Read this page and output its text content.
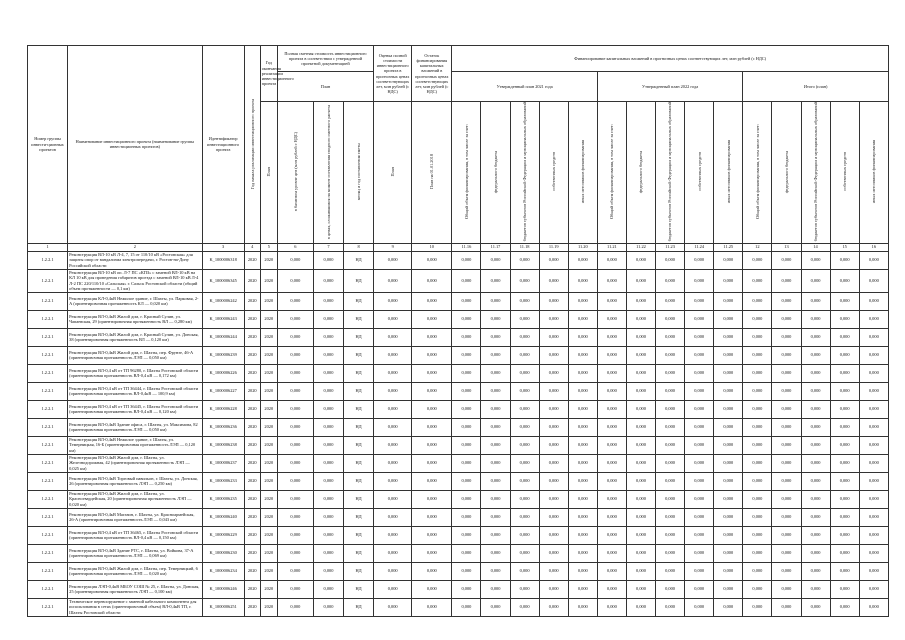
Номер группы инвести-ционных проектов	Наименование инвестиционного проекта (наименование группы инвестиционных проектов)	Идентификатор инвестиционного проекта	Год начала реализации инвестиционного проекта	Год окончания реализации инвестиционного проекта	Полная сметная стоимость инвестиционного проекта в соответствии с утвержденной проектной документацией			Оценка полной стоимости инвестиционного проекта в прогнозных ценах соответствующих лет, млн рублей (с НДС)	Остаток финансирования капитальных вложений в прогнозных ценах соответствующих лет, млн рублей (с НДС)	Финансирование капитальных вложений в прогнозных ценах соответствующих лет, млн рублей (с НДС)														
					План					Утвержденный план 2021 года					Утвержденный план 2022 года					Итого (план)				
				План	в базисном уровне цен (млн рублей с НДС)	в ценах, сложившихся на момент составления сводного сметного расчета	месяц и год составления сметы	План	План на 01.01.2018	Общий объем финансирования, в том числе за счет:	федерального бюджета	бюджетов субъектов Российской Федерации и муниципальных образований	собственных средств	иных источников финансирования	Общий объем финансирования, в том числе за счет:	федерального бюджета	бюджетов субъектов Российской Федерации и муниципальных образований	собственных средств	иных источников финансирования	Общий объем финансирования, в том числе за счет:	федерального бюджета	бюджетов субъектов Российской Федерации и муниципальных образований	собственных средств	иных источников финансирования
1	2	3	4	5	6	7	8	9	10	11.16	11.17	11.18	11.19	11.20	11.21	11.22	11.23	11.24	11.25	12	13	14	15	16
1.2.2.1	Реконструкция ВЛ-10 кВ Л-4, 7, 15 от 110/10 кВ «Ростовская» для защиты опор от вандализма электропередачи, г. Ростов-на-Дону Российской области	K_1000006318	2020	2020	0,000	0,000	НД	0,000	0,000	0,000	0,000	0,000	0,000	0,000	0,000	0,000	0,000	0,000	0,000	0,000	0,000	0,000	0,000	0,000
1.2.2.1	Реконструкция ВЛ-10 кВ оп. Л-7 ПС «КПЗ» с заменой ВЛ-10 кВ на КЛ 10 кВ для проведения габаритов проезда с заменой ВЛ-10 кВ Л-4 Л-2 ПС 220/110/10 «Сальская» г. Сальск Ростовской области (общий объем протяженности — 0,1 км)	K_1000006345	2020	2020	0,000	0,000	НД	0,000	0,000	0,000	0,000	0,000	0,000	0,000	0,000	0,000	0,000	0,000	0,000	0,000	0,000	0,000	0,000	0,000
1.2.2.1	Реконструкция КЛ-0,4кВ Нежилое здание, г. Шахты, ул. Парковая, 2-А (ориентировочная протяженность КЛ — 0,020 км)	K_1000006242	2020	2020	0,000	0,000	НД	0,000	0,000	0,000	0,000	0,000	0,000	0,000	0,000	0,000	0,000	0,000	0,000	0,000	0,000	0,000	0,000	0,000
1.2.2.1	Реконструкция ВЛ-0,4кВ Жилой дом, г. Красный Сулин, ул. Чапаевская, 29 (ориентировочная протяженность ВЛ — 0,280 км)	K_1000006243	2020	2020	0,000	0,000	НД	0,000	0,000	0,000	0,000	0,000	0,000	0,000	0,000	0,000	0,000	0,000	0,000	0,000	0,000	0,000	0,000	0,000
1.2.2.1	Реконструкция ВЛ-0,4кВ Жилой дом, г. Красный Сулин, ул. Донская, 38 (ориентировочная протяженность ВЛ — 0,120 км)	K_1000006244	2020	2020	0,000	0,000	НД	0,000	0,000	0,000	0,000	0,000	0,000	0,000	0,000	0,000	0,000	0,000	0,000	0,000	0,000	0,000	0,000	0,000
1.2.2.1	Реконструкция ВЛ-0,4кВ Жилой дом, г. Шахты, пер. Фрунзе, 46-А (ориентировочная протяженность ЛЭП — 0,050 км)	K_1000006239	2020	2020	0,000	0,000	НД	0,000	0,000	0,000	0,000	0,000	0,000	0,000	0,000	0,000	0,000	0,000	0,000	0,000	0,000	0,000	0,000	0,000
1.2.2.1	Реконструкция ВЛ-0,4 кВ от ТП 96280, г. Шахты Ростовской области (ориентировочная протяженность ВЛ-0,4 кВ — 0,172 км)	K_1000006226	2020	2020	0,000	0,000	НД	0,000	0,000	0,000	0,000	0,000	0,000	0,000	0,000	0,000	0,000	0,000	0,000	0,000	0,000	0,000	0,000	0,000
1.2.2.1	Реконструкция ВЛ-0,4 кВ от ТП 36444, г. Шахты Ростовской области (ориентировочная протяженность ВЛ-0,4кВ — 100,9 км)	K_1000006227	2020	2020	0,000	0,000	НД	0,000	0,000	0,000	0,000	0,000	0,000	0,000	0,000	0,000	0,000	0,000	0,000	0,000	0,000	0,000	0,000	0,000
1.2.2.1	Реконструкция ВЛ-0,4 кВ от ТП 36445, г. Шахты Ростовской области (ориентировочная протяженность ВЛ-0,4 кВ — 0,120 км)	K_1000006228	2020	2020	0,000	0,000	НД	0,000	0,000	0,000	0,000	0,000	0,000	0,000	0,000	0,000	0,000	0,000	0,000	0,000	0,000	0,000	0,000	0,000
1.2.2.1	Реконструкция ВЛ-0,4кВ Здание офиса, г. Шахты, ул. Максимова, 82 (ориентировочная протяженность ЛЭП — 0,050 км)	K_1000006236	2020	2020	0,000	0,000	НД	0,000	0,000	0,000	0,000	0,000	0,000	0,000	0,000	0,000	0,000	0,000	0,000	0,000	0,000	0,000	0,000	0,000
1.2.2.1	Реконструкция ВЛ-0,4кВ Нежилое здание, г. Шахты, ул. Темерницкая, 16-Б (ориентировочная протяженность ЛЭП — 0,120 км)	K_1000006238	2020	2020	0,000	0,000	НД	0,000	0,000	0,000	0,000	0,000	0,000	0,000	0,000	0,000	0,000	0,000	0,000	0,000	0,000	0,000	0,000	0,000
1.2.2.1	Реконструкция ВЛ-0,4кВ Жилой дом, г. Шахты, ул. Железнодорожная, 42 (ориентировочная протяженность ЛЭП — 0,025 км)	K_1000006237	2020	2020	0,000	0,000	НД	0,000	0,000	0,000	0,000	0,000	0,000	0,000	0,000	0,000	0,000	0,000	0,000	0,000	0,000	0,000	0,000	0,000
1.2.2.1	Реконструкция ВЛ-0,4кВ Торговый павильон, г. Шахты, ул. Донская, 26 (ориентировочная протяженность ЛЭП — 0,250 км)	K_1000006233	2020	2020	0,000	0,000	НД	0,000	0,000	0,000	0,000	0,000	0,000	0,000	0,000	0,000	0,000	0,000	0,000	0,000	0,000	0,000	0,000	0,000
1.2.2.1	Реконструкция ВЛ-0,4кВ Жилой дом, г. Шахты, ул. Красногвардейская, 20 (ориентировочная протяженность ЛЭП — 0,020 км)	K_1000006235	2020	2020	0,000	0,000	НД	0,000	0,000	0,000	0,000	0,000	0,000	0,000	0,000	0,000	0,000	0,000	0,000	0,000	0,000	0,000	0,000	0,000
1.2.2.1	Реконструкция ВЛ-0,4кВ Магазин, г. Шахты, ул. Красноармейская, 26-А (ориентировочная протяженность ЛЭП — 0,043 км)	K_1000006240	2020	2020	0,000	0,000	НД	0,000	0,000	0,000	0,000	0,000	0,000	0,000	0,000	0,000	0,000	0,000	0,000	0,000	0,000	0,000	0,000	0,000
1.2.2.1	Реконструкция ВЛ-0,4 кВ от ТП 36465, г. Шахты Ростовской области (ориентировочная протяженность ВЛ-0,4 кВ — 0,150 км)	K_1000006229	2020	2020	0,000	0,000	НД	0,000	0,000	0,000	0,000	0,000	0,000	0,000	0,000	0,000	0,000	0,000	0,000	0,000	0,000	0,000	0,000	0,000
1.2.2.1	Реконструкция ВЛ-0,4кВ Здание РТС, г. Шахты, ул. Войкова, 37-А (ориентировочная протяженность ЛЭП — 0,069 км)	K_1000006230	2020	2020	0,000	0,000	НД	0,000	0,000	0,000	0,000	0,000	0,000	0,000	0,000	0,000	0,000	0,000	0,000	0,000	0,000	0,000	0,000	0,000
1.2.2.1	Реконструкция ВЛ-0,4кВ Жилой дом, г. Шахты, пер. Темерницкий, 6 (ориентировочная протяженность ЛЭП — 0,020 км)	K_1000006234	2020	2020	0,000	0,000	НД	0,000	0,000	0,000	0,000	0,000	0,000	0,000	0,000	0,000	0,000	0,000	0,000	0,000	0,000	0,000	0,000	0,000
1.2.2.1	Реконструкция ЛЭП-0,4кВ МБОУ СОШ № 25, г. Шахты, ул. Донская, 25 (ориентировочная протяженность ЛЭП — 0,100 км)	K_1000006246	2020	2020	0,000	0,000	НД	0,000	0,000	0,000	0,000	0,000	0,000	0,000	0,000	0,000	0,000	0,000	0,000	0,000	0,000	0,000	0,000	0,000
1.2.2.1	Техническое перевооружение с заменой кабельного компонента для использования в сетях (ориентировочный объем) ВЛ-0,4кВ ТП, г. Шахты Ростовской области	K_1000006251	2020	2020	0,000	0,000	НД	0,000	0,000	0,000	0,000	0,000	0,000	0,000	0,000	0,000	0,000	0,000	0,000	0,000	0,000	0,000	0,000	0,000
